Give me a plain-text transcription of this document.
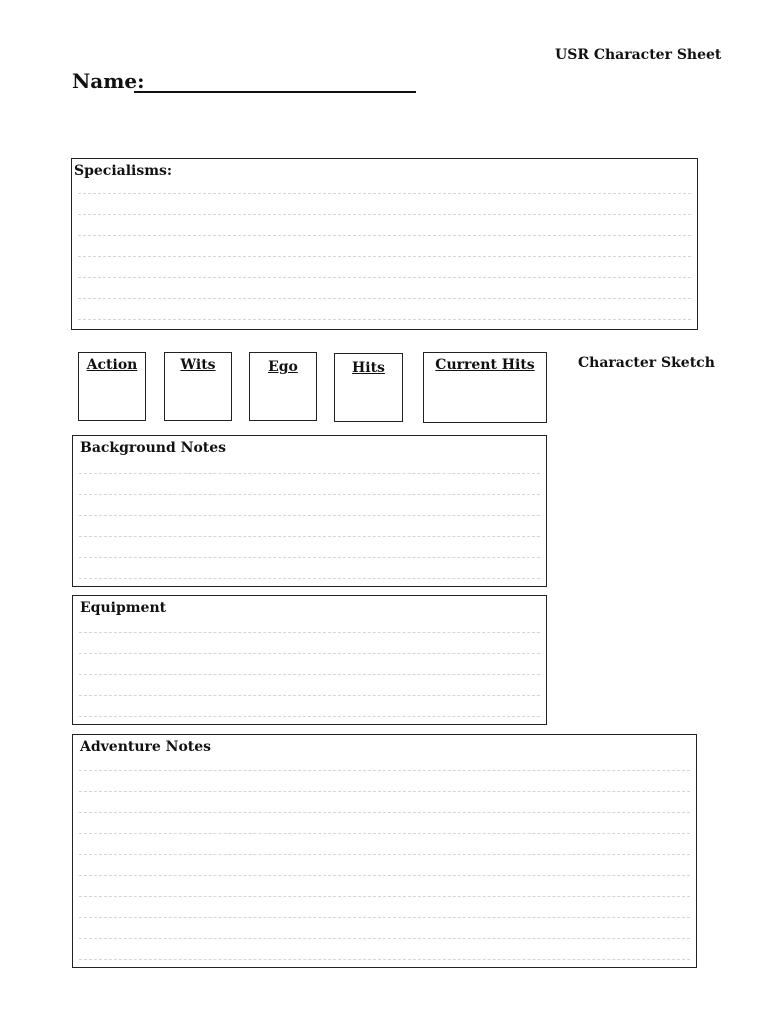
USR Character Sheet
Name:
Specialisms:
Action	Wits	Ego	Hits	Current Hits	Character Sketch
Background Notes
Equipment
Adventure Notes
